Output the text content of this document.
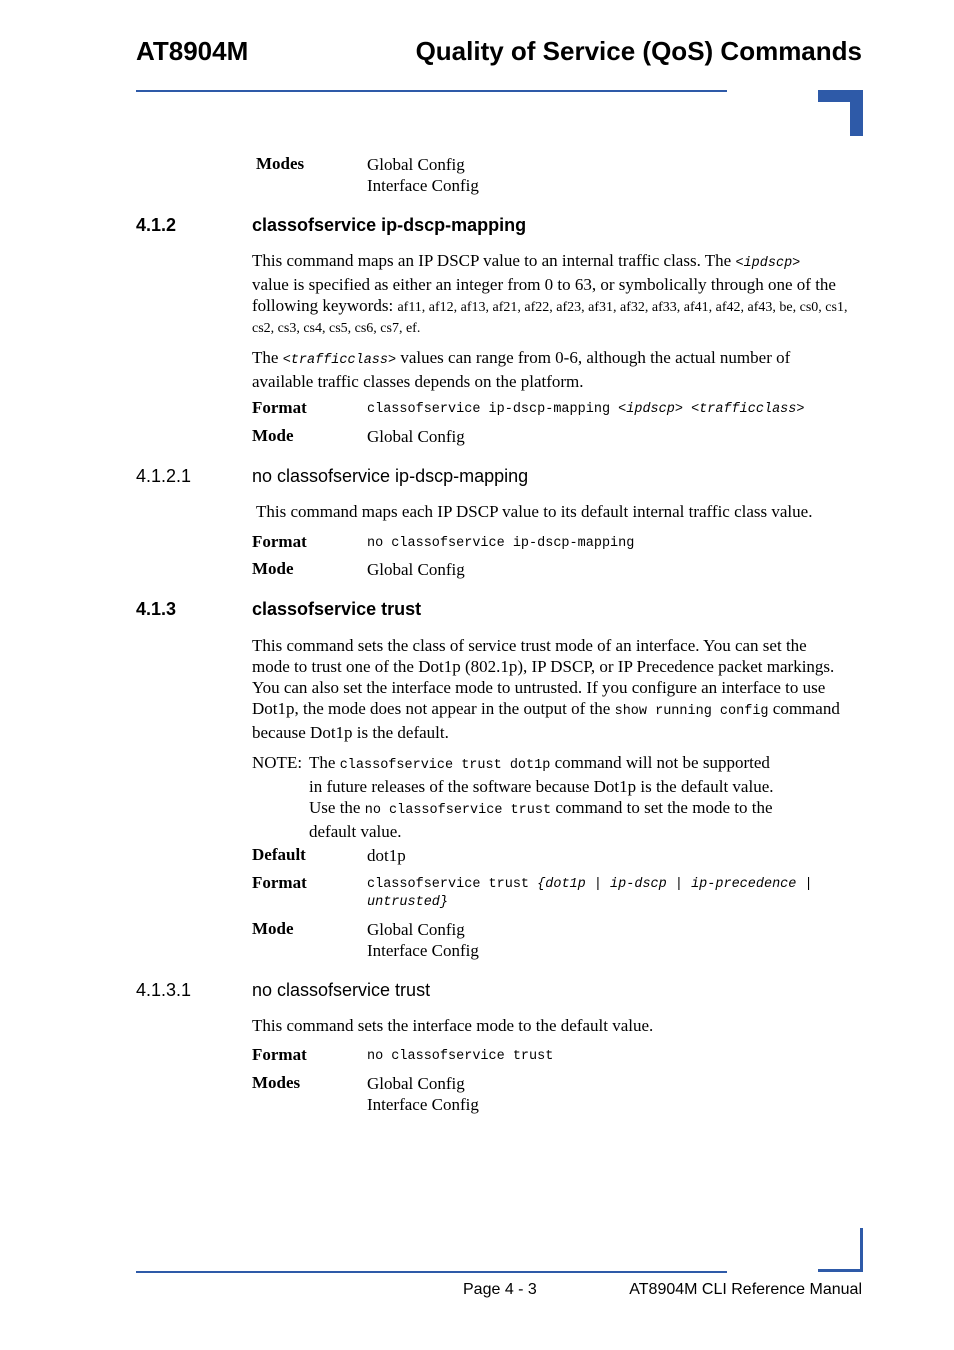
AT8904M	Quality of Service (QoS) Commands
Modes	Global Config
Interface Config
4.1.2	classofservice ip-dscp-mapping
This command maps an IP DSCP value to an internal traffic class. The <ipdscp>
value is specified as either an integer from 0 to 63, or symbolically through one of the
following keywords: af11, af12, af13, af21, af22, af23, af31, af32, af33, af41, af42, af43, be, cs0, cs1,
cs2, cs3, cs4, cs5, cs6, cs7, ef.
The <trafficclass> values can range from 0-6, although the actual number of
available traffic classes depends on the platform.
Format	classofservice ip-dscp-mapping <ipdscp> <trafficclass>
Mode	Global Config
4.1.2.1	no classofservice ip-dscp-mapping
This command maps each IP DSCP value to its default internal traffic class value.
Format	no classofservice ip-dscp-mapping
Mode	Global Config
4.1.3	classofservice trust
This command sets the class of service trust mode of an interface. You can set the
mode to trust one of the Dot1p (802.1p), IP DSCP, or IP Precedence packet markings.
You can also set the interface mode to untrusted. If you configure an interface to use
Dot1p, the mode does not appear in the output of the show running config command
because Dot1p is the default.
NOTE: The classofservice trust dot1p command will not be supported
in future releases of the software because Dot1p is the default value.
Use the no classofservice trust command to set the mode to the
default value.
Default	dot1p
Format	classofservice trust {dot1p | ip-dscp | ip-precedence |
untrusted}
Mode	Global Config
Interface Config
4.1.3.1	no classofservice trust
This command sets the interface mode to the default value.
Format	no classofservice trust
Modes	Global Config
Interface Config
Page 4 - 3	AT8904M CLI Reference Manual
